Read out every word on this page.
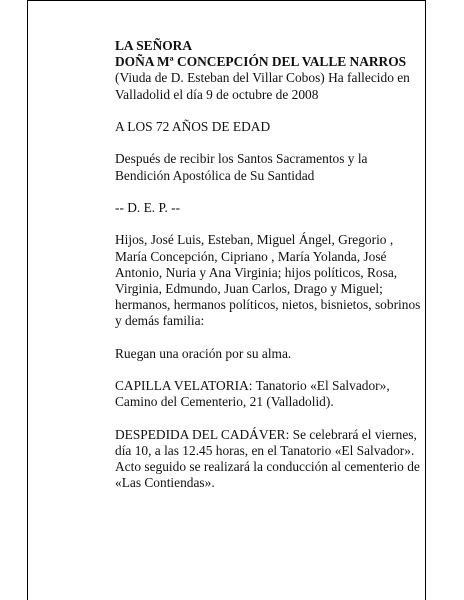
LA SEÑORA

DOÑA Mª CONCEPCIÓN DEL VALLE NARROS

(Viuda de D. Esteban del Villar Cobos) Ha fallecido en Valladolid el día 9 de octubre de 2008

A LOS 72 AÑOS DE EDAD

Después de recibir los Santos Sacramentos y la Bendición Apostólica de Su Santidad

-- D. E. P. --

Hijos, José Luis, Esteban, Miguel Ángel, Gregorio , María Concepción, Cipriano , María Yolanda, José Antonio, Nuria y Ana Virginia; hijos políticos, Rosa, Virginia, Edmundo, Juan Carlos, Drago y Miguel; hermanos, hermanos políticos, nietos, bisnietos, sobrinos y demás familia:

Ruegan una oración por su alma.

CAPILLA VELATORIA: Tanatorio «El Salvador», Camino del Cementerio, 21 (Valladolid).

DESPEDIDA DEL CADÁVER: Se celebrará el viernes, día 10, a las 12.45 horas, en el Tanatorio «El Salvador». Acto seguido se realizará la conducción al cementerio de «Las Contiendas».
